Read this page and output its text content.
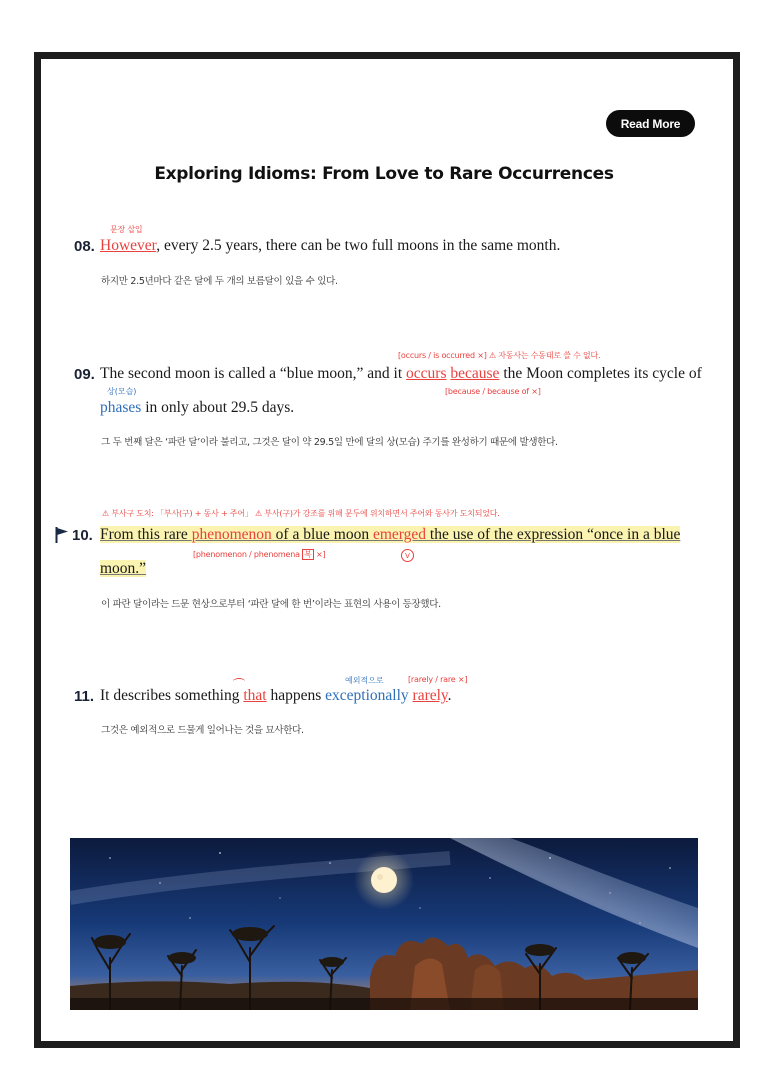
Read More
Exploring Idioms: From Love to Rare Occurrences
문장 삽입
08. However, every 2.5 years, there can be two full moons in the same month.
하지만 2.5년마다 같은 달에 두 개의 보름달이 있을 수 있다.
[occurs / is occurred ×] ⚠ 자동사는 수동태로 쓸 수 없다.
09. The second moon is called a “blue moon,” and it occurs because the Moon completes its cycle of
상(모습)	[because / because of ×]
phases in only about 29.5 days.
그 두 번째 달은 ‘파란 달’이라 불리고, 그것은 달이 약 29.5일 만에 달의 상(모습) 주기를 완성하기 때문에 발생한다.
⚠ 부사구 도치: 「부사(구) + 동사 + 주어」 ⚠ 부사(구)가 강조를 위해 문두에 위치하면서 주어와 동사가 도치되었다.
10. From this rare phenomenon of a blue moon emerged the use of the expression “once in a blue
[phenomenon / phenomena 복 ×]	V
moon.”
이 파란 달이라는 드문 현상으로부터 ‘파란 달에 한 번’이라는 표현의 사용이 등장했다.
예외적으로	[rarely / rare ×]
11. It describes something that happens exceptionally rarely.
그것은 예외적으로 드물게 일어나는 것을 묘사한다.
